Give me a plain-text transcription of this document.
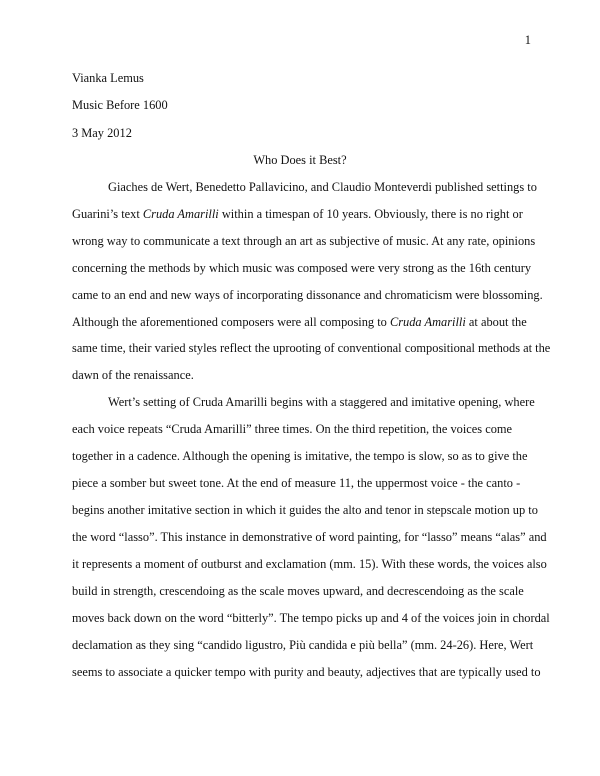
1
Vianka Lemus
Music Before 1600
3 May 2012
Who Does it Best?
Giaches de Wert, Benedetto Pallavicino, and Claudio Monteverdi published settings to
Guarini’s text Cruda Amarilli within a timespan of 10 years. Obviously, there is no right or
wrong way to communicate a text through an art as subjective of music. At any rate, opinions
concerning the methods by which music was composed were very strong as the 16th century
came to an end and new ways of incorporating dissonance and chromaticism were blossoming.
Although the aforementioned composers were all composing to Cruda Amarilli at about the
same time, their varied styles reflect the uprooting of conventional compositional methods at the
dawn of the renaissance.
Wert’s setting of Cruda Amarilli begins with a staggered and imitative opening, where
each voice repeats “Cruda Amarilli” three times. On the third repetition, the voices come
together in a cadence. Although the opening is imitative, the tempo is slow, so as to give the
piece a somber but sweet tone. At the end of measure 11, the uppermost voice - the canto -
begins another imitative section in which it guides the alto and tenor in stepscale motion up to
the word “lasso”. This instance in demonstrative of word painting, for “lasso” means “alas” and
it represents a moment of outburst and exclamation (mm. 15). With these words, the voices also
build in strength, crescendoing as the scale moves upward, and decrescendoing as the scale
moves back down on the word “bitterly”. The tempo picks up and 4 of the voices join in chordal
declamation as they sing “candido ligustro, Più candida e più bella” (mm. 24-26). Here, Wert
seems to associate a quicker tempo with purity and beauty, adjectives that are typically used to
